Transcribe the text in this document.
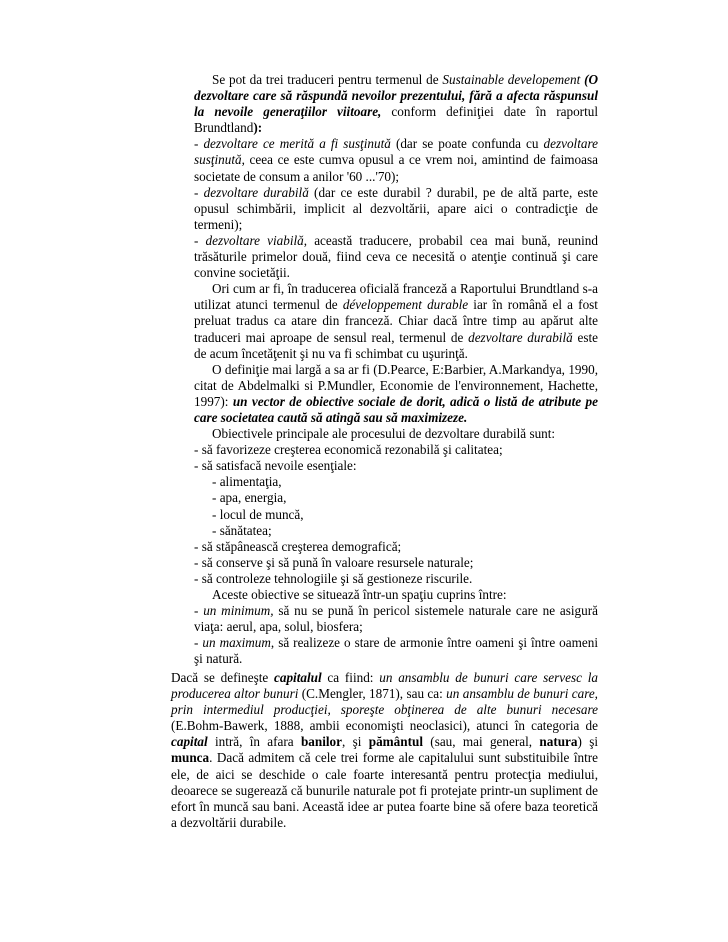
Se pot da trei traduceri pentru termenul de Sustainable developement (O dezvoltare care să răspundă nevoilor prezentului, fără a afecta răspunsul la nevoile generaţiilor viitoare, conform definiţiei date în raportul Brundtland):

- dezvoltare ce merită a fi susţinută (dar se poate confunda cu dezvoltare susţinută, ceea ce este cumva opusul a ce vrem noi, amintind de faimoasa societate de consum a anilor '60 ...'70);

- dezvoltare durabilă (dar ce este durabil ? durabil, pe de altă parte, este opusul schimbării, implicit al dezvoltării, apare aici o contradicţie de termeni);

- dezvoltare viabilă, această traducere, probabil cea mai bună, reunind trăsăturile primelor două, fiind ceva ce necesită o atenţie continuă şi care convine societăţii.

Ori cum ar fi, în traducerea oficială franceză a Raportului Brundtland s-a utilizat atunci termenul de développement durable iar în română el a fost preluat tradus ca atare din franceză. Chiar dacă între timp au apărut alte traduceri mai aproape de sensul real, termenul de dezvoltare durabilă este de acum încetăţenit şi nu va fi schimbat cu uşurinţă.

O definiţie mai largă a sa ar fi (D.Pearce, E:Barbier, A.Markandya, 1990, citat de Abdelmalki si P.Mundler, Economie de l'environnement, Hachette, 1997): un vector de obiective sociale de dorit, adică o listă de atribute pe care societatea caută să atingă sau să maximizeze.

Obiectivele principale ale procesului de dezvoltare durabilă sunt:

- să favorizeze creşterea economică rezonabilă şi calitatea;

- să satisfacă nevoile esenţiale:

- alimentaţia,

- apa, energia,

- locul de muncă,

- sănătatea;

- să stăpânească creşterea demografică;

- să conserve şi să pună în valoare resursele naturale;

- să controleze tehnologiile şi să gestioneze riscurile.

Aceste obiective se situează într-un spaţiu cuprins între:

- un minimum, să nu se pună în pericol sistemele naturale care ne asigură viaţa: aerul, apa, solul, biosfera;

- un maximum, să realizeze o stare de armonie între oameni şi între oameni şi natură.

Dacă se defineşte capitalul ca fiind: un ansamblu de bunuri care servesc la producerea altor bunuri (C.Mengler, 1871), sau ca: un ansamblu de bunuri care, prin intermediul producţiei, sporeşte obţinerea de alte bunuri necesare (E.Bohm-Bawerk, 1888, ambii economişti neoclasici), atunci în categoria de capital intră, în afara banilor, şi pământul (sau, mai general, natura) şi munca. Dacă admitem că cele trei forme ale capitalului sunt substituibile între ele, de aici se deschide o cale foarte interesantă pentru protecţia mediului, deoarece se sugerează că bunurile naturale pot fi protejate printr-un supliment de efort în muncă sau bani. Această idee ar putea foarte bine să ofere baza teoretică a dezvoltării durabile.
